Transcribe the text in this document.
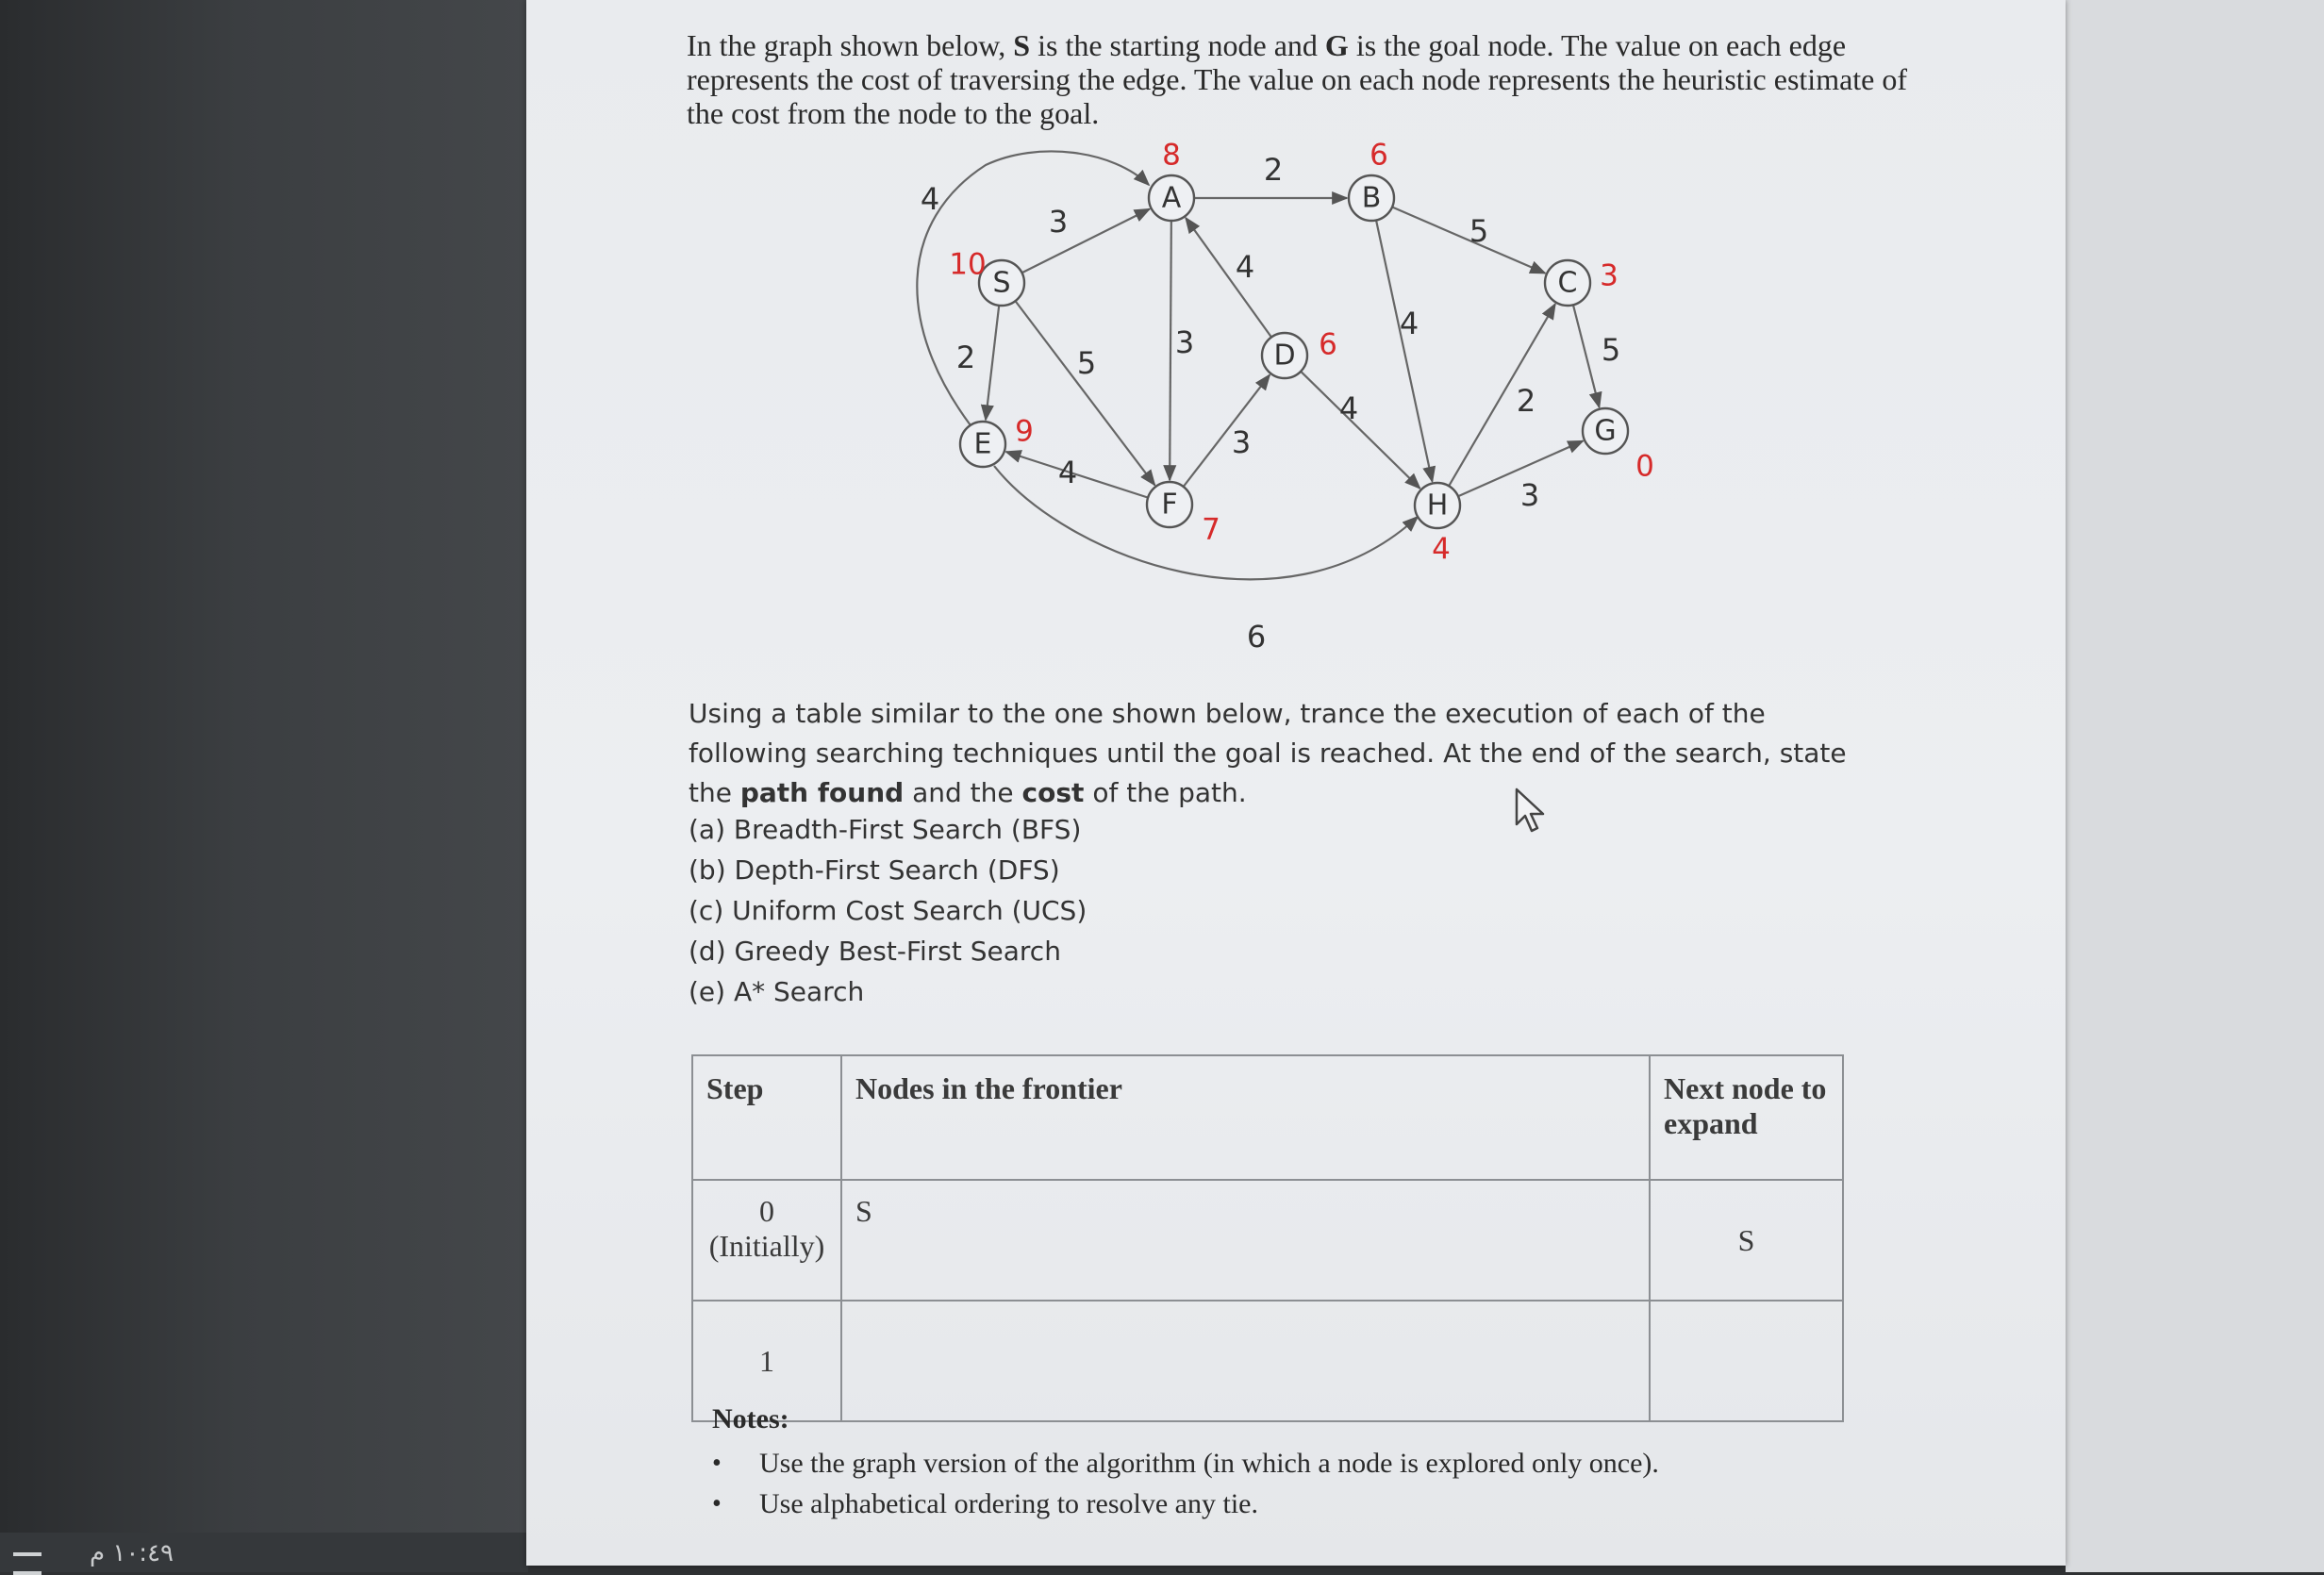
١٠:٤٩ م
In the graph shown below, S is the starting node and G is the goal node. The value on each edge represents the cost of traversing the edge. The value on each node represents the heuristic estimate of the cost from the node to the goal.
3
2	5
4
2
3
4
4
3
4
5
4
2
5
3
6
S
10
A
8
B
6
C 3
D 6
E 9
F
7
G
0
H
4
Using a table similar to the one shown below, trance the execution of each of the following searching techniques until the goal is reached. At the end of the search, state the path found and the cost of the path.
(a) Breadth-First Search (BFS)
(b) Depth-First Search (DFS)
(c) Uniform Cost Search (UCS)
(d) Greedy Best-First Search
(e) A* Search
Step	Nodes in the frontier	Next node to expand

0
(Initially)	S	S

1		

Notes:
• Use the graph version of the algorithm (in which a node is explored only once).
• Use alphabetical ordering to resolve any tie.
